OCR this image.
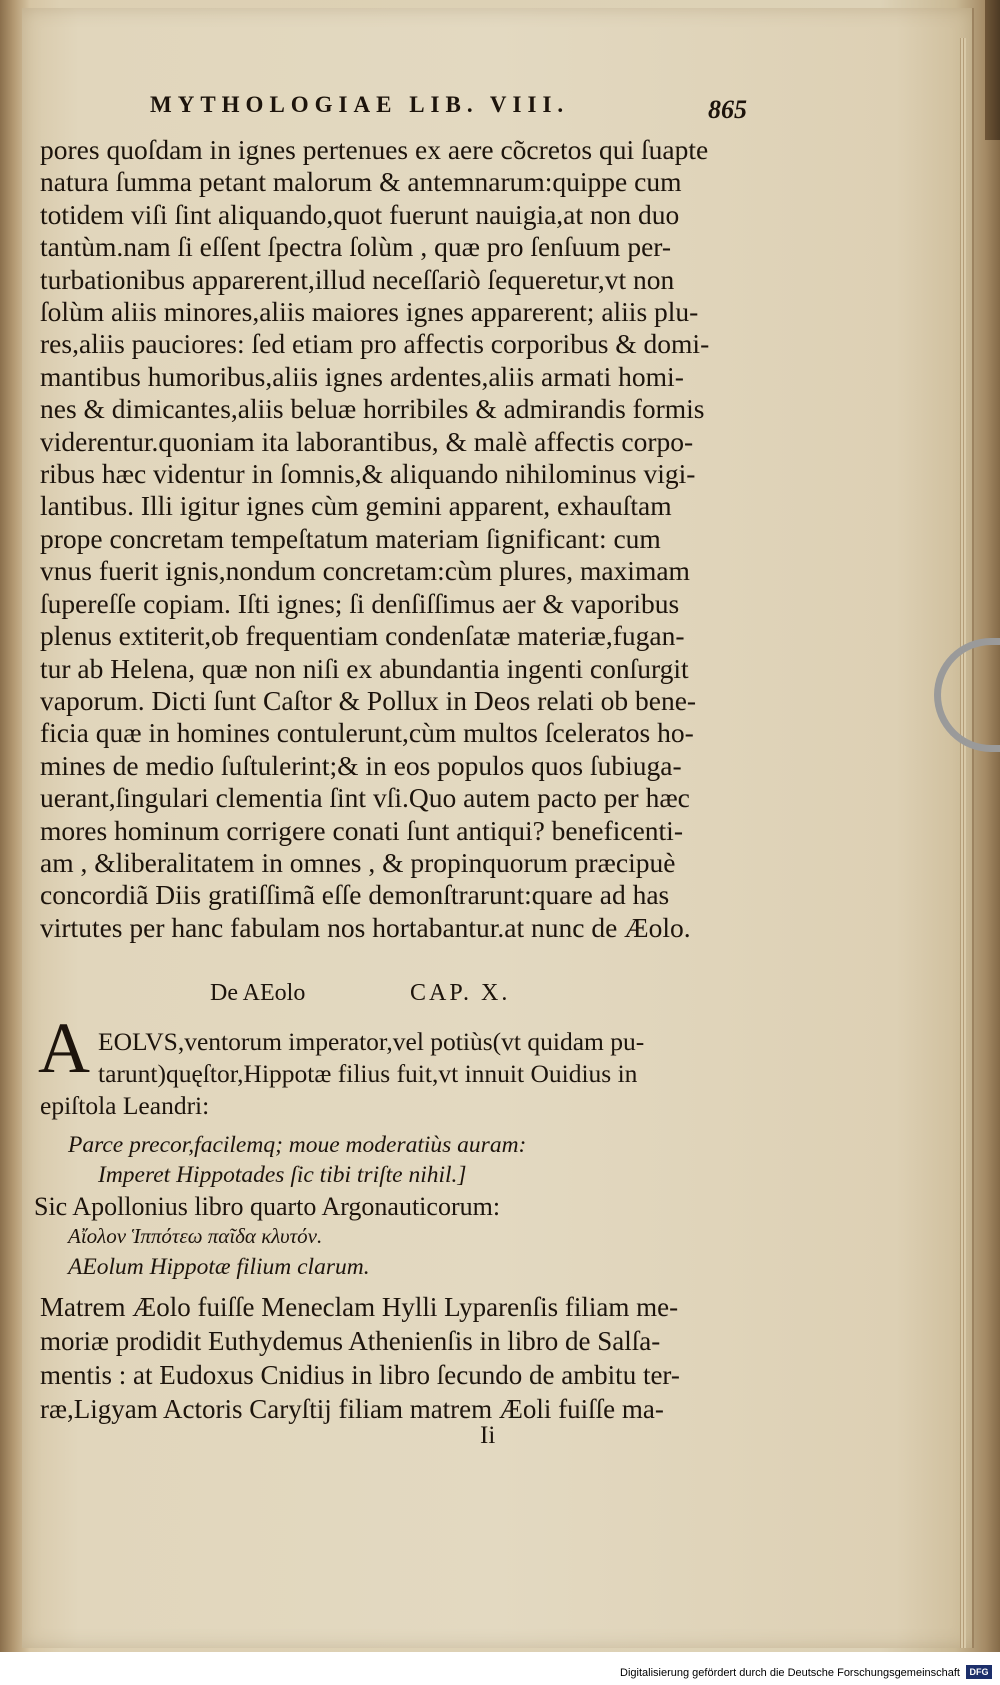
MYTHOLOGIAE LIB. VIII.	865
pores quoſdam in ignes pertenues ex aere cõcretos qui ſuapte
natura ſumma petant malorum & antemnarum:quippe cum
totidem viſi ſint aliquando,quot fuerunt nauigia,at non duo
tantùm.nam ſi eſſent ſpectra ſolùm , quæ pro ſenſuum per-
turbationibus apparerent,illud neceſſariò ſequeretur,vt non
ſolùm aliis minores,aliis maiores ignes apparerent; aliis plu-
res,aliis pauciores: ſed etiam pro affectis corporibus & domi-
mantibus humoribus,aliis ignes ardentes,aliis armati homi-
nes & dimicantes,aliis beluæ horribiles & admirandis formis
viderentur.quoniam ita laborantibus, & malè affectis corpo-
ribus hæc videntur in ſomnis,& aliquando nihilominus vigi-
lantibus. Illi igitur ignes cùm gemini apparent, exhauſtam
prope concretam tempeſtatum materiam ſignificant: cum
vnus fuerit ignis,nondum concretam:cùm plures, maximam
ſupereſſe copiam. Iſti ignes; ſi denſiſſimus aer & vaporibus
plenus extiterit,ob frequentiam condenſatæ materiæ,fugan-
tur ab Helena, quæ non niſi ex abundantia ingenti conſurgit
vaporum. Dicti ſunt Caſtor & Pollux in Deos relati ob bene-
ficia quæ in homines contulerunt,cùm multos ſceleratos ho-
mines de medio ſuſtulerint;& in eos populos quos ſubiuga-
uerant,ſingulari clementia ſint vſi.Quo autem pacto per hæc
mores hominum corrigere conati ſunt antiqui? beneficenti-
am , &liberalitatem in omnes , & propinquorum præcipuè
concordiã Diis gratiſſimã eſſe demonſtrarunt:quare ad has
virtutes per hanc fabulam nos hortabantur.at nunc de Æolo.
De AEolo	CAP. X.
A EOLVS,ventorum imperator,vel potiùs(vt quidam pu-
tarunt)quęſtor,Hippotæ filius fuit,vt innuit Ouidius in
epiſtola Leandri:
Parce precor,facilemq; moue moderatiùs auram:
Imperet Hippotades ſic tibi triſte nihil.]
Sic Apollonius libro quarto Argonauticorum:
Αἴολον Ἱππότεω παῖδα κλυτόν.
AEolum Hippotæ filium clarum.
Matrem Æolo fuiſſe Meneclam Hylli Lyparenſis filiam me-
moriæ prodidit Euthydemus Athenienſis in libro de Salſa-
mentis : at Eudoxus Cnidius in libro ſecundo de ambitu ter-
ræ,Ligyam Actoris Caryſtij filiam matrem Æoli fuiſſe ma-
Ii
Digitalisierung gefördert durch die Deutsche Forschungsgemeinschaft	DFG
